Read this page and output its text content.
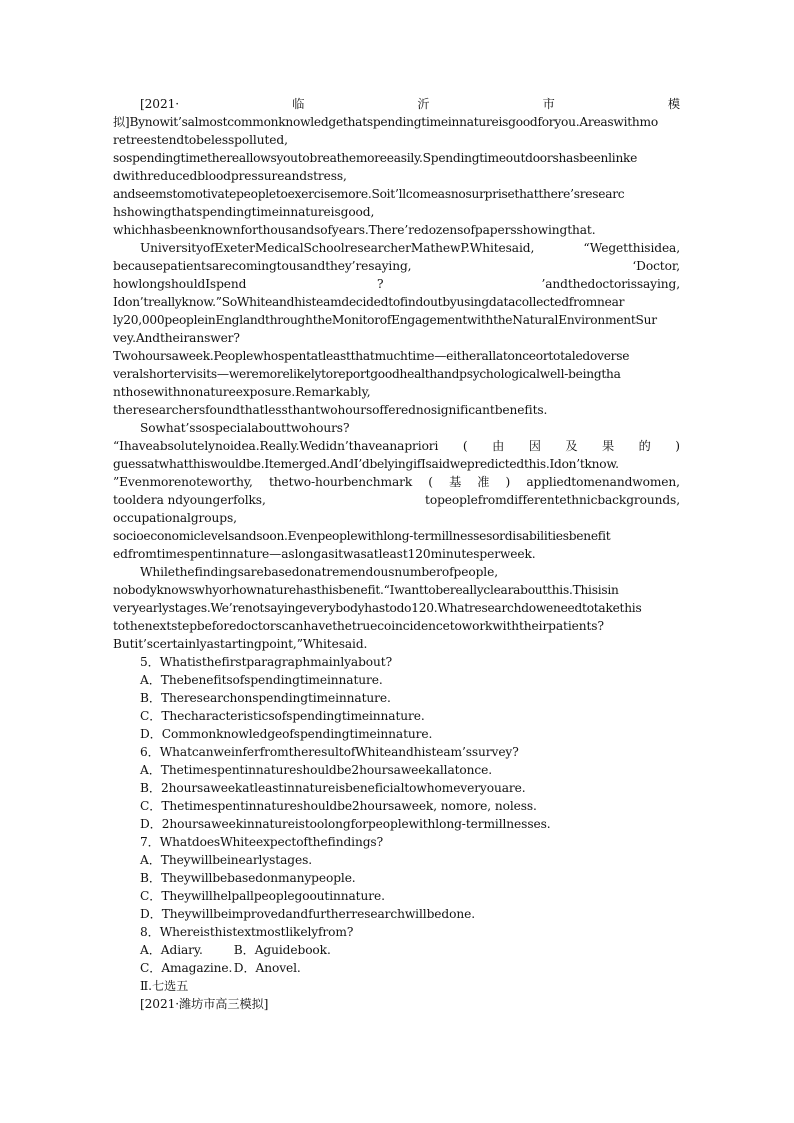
[2021·	临	沂	市	模
拟]Bynowit’salmostcommonknowledgethatspendingtimeinnatureisgoodforyou.Areaswithmo
retreestendtobelesspolluted,
sospendingtimethereallowsyoutobreathemoreeasily.Spendingtimeoutdoorshasbeenlinke
dwithreducedbloodpressureandstress,
andseemstomotivatepeopletoexercisemore.Soit’llcomeasnosurprisethatthere’sresearc
hshowingthatspendingtimeinnatureisgood,
whichhasbeenknownforthousandsofyears.There’redozensofpapersshowingthat.
UniversityofExeterMedicalSchoolresearcherMathewP.Whitesaid,	“Wegetthisidea,
becausepatientsarecomingtousandthey’resaying,	‘Doctor,
howlongshouldIspend	?	’andthedoctorissaying,
Idon’treallyknow.”SoWhiteandhisteamdecidedtofindoutbyusingdatacollectedfromnear
ly20,000peopleinEnglandthroughtheMonitorofEngagementwiththeNaturalEnvironmentSur
vey.Andtheiranswer?
Twohoursaweek.Peoplewhospentatleastthatmuchtime—eitherallatonceortotaledoverse
veralshortervisits—weremorelikelytoreportgoodhealthandpsychologicalwell-beingtha
nthosewithnonatureexposure.Remarkably,
theresearchersfoundthatlessthantwohoursofferednosignificantbenefits.
Sowhat’ssospecialabouttwohours?
“Ihaveabsolutelynoidea.Really.Wedidn’thaveanapriori ( 由 因 及 果 的 )
guessatwhatthiswouldbe.Itemerged.AndI’dbelyingifIsaidwepredictedthis.Idon’tknow.
”Evenmorenoteworthy, thetwo-hourbenchmark ( 基 准 ) appliedtomenandwomen,
tooldera ndyoungerfolks,	topeoplefromdifferentethnicbackgrounds,
occupationalgroups,
socioeconomiclevelsandsoon.Evenpeoplewithlong-termillnessesordisabilitiesbenefit
edfromtimespentinnature—aslongasitwasatleast120minutesperweek.
Whilethefindingsarebasedonatremendousnumberofpeople,
nobodyknowswhyorhownaturehasthisbenefit.“Iwanttobereallyclearaboutthis.Thisisin
veryearlystages.We’renotsayingeverybodyhastodo120.Whatresearchdoweneedtotakethis
tothenextstepbeforedoctorscanhavethetruecoincidencetoworkwiththeirpatients?
Butit’scertainlyastartingpoint,”Whitesaid.
5．Whatisthefirstparagraphmainlyabout?
A．Thebenefitsofspendingtimeinnature.
B．Theresearchonspendingtimeinnature.
C．Thecharacteristicsofspendingtimeinnature.
D．Commonknowledgeofspendingtimeinnature.
6．WhatcanweinferfromtheresultofWhiteandhisteam’ssurvey?
A．Thetimespentinnatureshouldbe2hoursaweekallatonce.
B．2hoursaweekatleastinnatureisbeneficialtowhomeveryouare.
C．Thetimespentinnatureshouldbe2hoursaweek, nomore, noless.
D．2hoursaweekinnatureistoolongforpeoplewithlong-termillnesses.
7．WhatdoesWhiteexpectofthefindings?
A．Theywillbeinearlystages.
B．Theywillbebasedonmanypeople.
C．Theywillhelpallpeoplegooutinnature.
D．Theywillbeimprovedandfurtherresearchwillbedone.
8．Whereisthistextmostlikelyfrom?
A．Adiary.	B．Aguidebook.
C．Amagazine. D．Anovel.
Ⅱ.七选五
[2021·潍坊市高三模拟]
